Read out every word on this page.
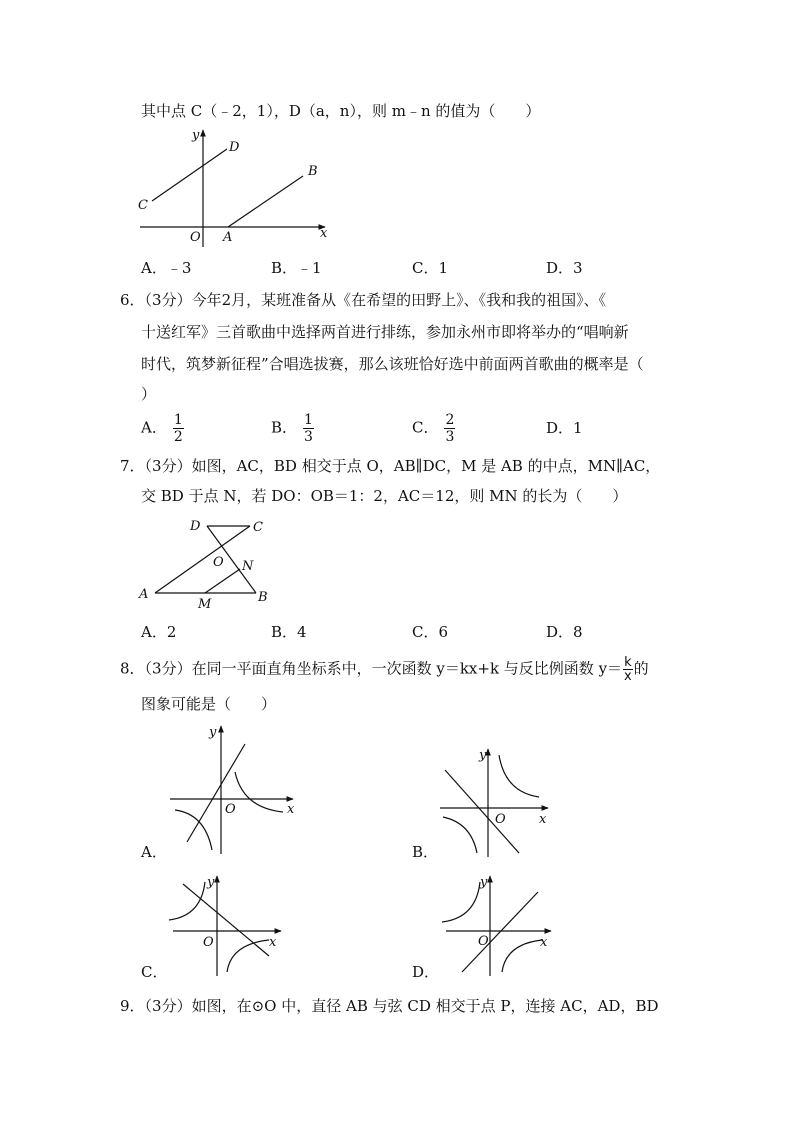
其中点 C（﹣2，1），D（a，n），则 m﹣n 的值为（　　）
y
D
B
C
O A	x
A．﹣3	B．﹣1	C．1	D．3
6．（3分）今年2月，某班准备从《在希望的田野上》、《我和我的祖国》、《
十送红军》三首歌曲中选择两首进行排练，参加永州市即将举办的“唱响新
时代，筑梦新征程”合唱选拔赛，那么该班恰好选中前面两首歌曲的概率是（
）
A． $\frac{1}{2}$	B． $\frac{1}{3}$	C． $\frac{2}{3}$	D．1
7．（3分）如图，AC，BD 相交于点 O，AB∥DC，M 是 AB 的中点，MN∥AC，
交 BD 于点 N，若 DO：OB＝1：2，AC＝12，则 MN 的长为（　　）
D	C
O N
A
M	B
A．2	B．4	C．6	D．8
8．（3分）在同一平面直角坐标系中，一次函数 y＝kx+k 与反比例函数 $y= \frac{k}{x}$ 的
图象可能是（　　）
y
O	x
A．
y
O	x
B．
y
O	x
C．
y
O	x
D．
9．（3分）如图，在⊙O 中，直径 AB 与弦 CD 相交于点 P，连接 AC，AD，BD
